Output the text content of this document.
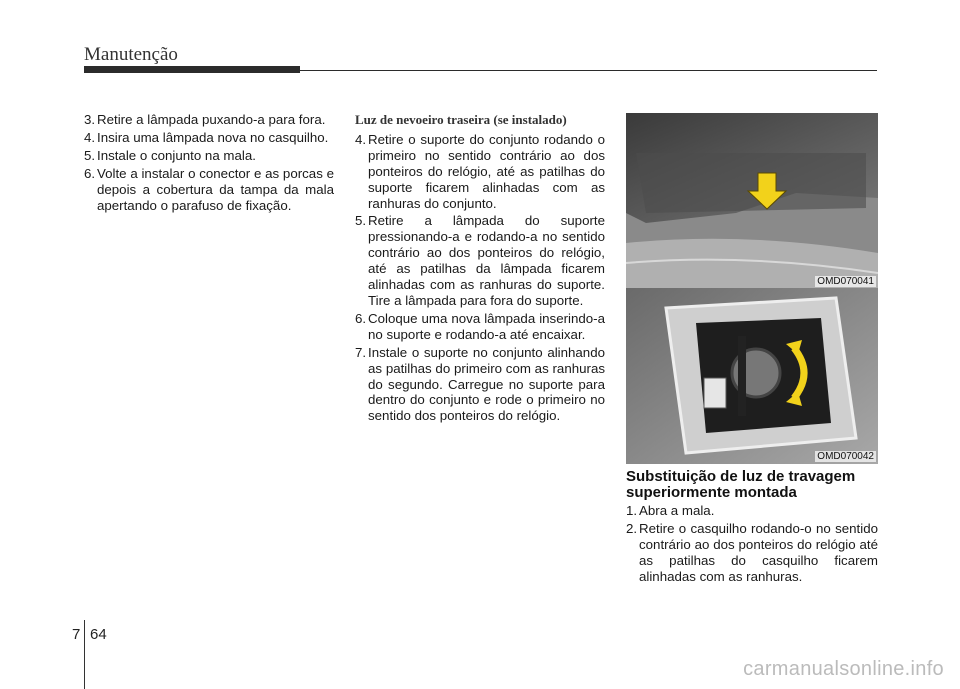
Manutenção
3. Retire a lâmpada puxando-a para fora.
4. Insira uma lâmpada nova no casquilho.
5. Instale o conjunto na mala.
6. Volte a instalar o conector e as porcas e depois a cobertura da tampa da mala apertando o parafuso de fixação.
Luz de nevoeiro traseira (se instalado)
4. Retire o suporte do conjunto rodando o primeiro no sentido contrário ao dos ponteiros do relógio, até as patilhas do suporte ficarem alinhadas com as ranhuras do conjunto.
5. Retire a lâmpada do suporte pressionando-a e rodando-a no sentido contrário ao dos ponteiros do relógio, até as patilhas da lâmpada ficarem alinhadas com as ranhuras do suporte. Tire a lâmpada para fora do suporte.
6. Coloque uma nova lâmpada inserindo-a no suporte e rodando-a até encaixar.
7. Instale o suporte no conjunto alinhando as patilhas do primeiro com as ranhuras do segundo. Carregue no suporte para dentro do conjunto e rode o primeiro no sentido dos ponteiros do relógio.
OMD070041
OMD070042
Substituição de luz de travagem superiormente montada
1. Abra a mala.
2. Retire o casquilho rodando-o no sentido contrário ao dos ponteiros do relógio até as patilhas do casquilho ficarem alinhadas com as ranhuras.
7 64
carmanualsonline.info
